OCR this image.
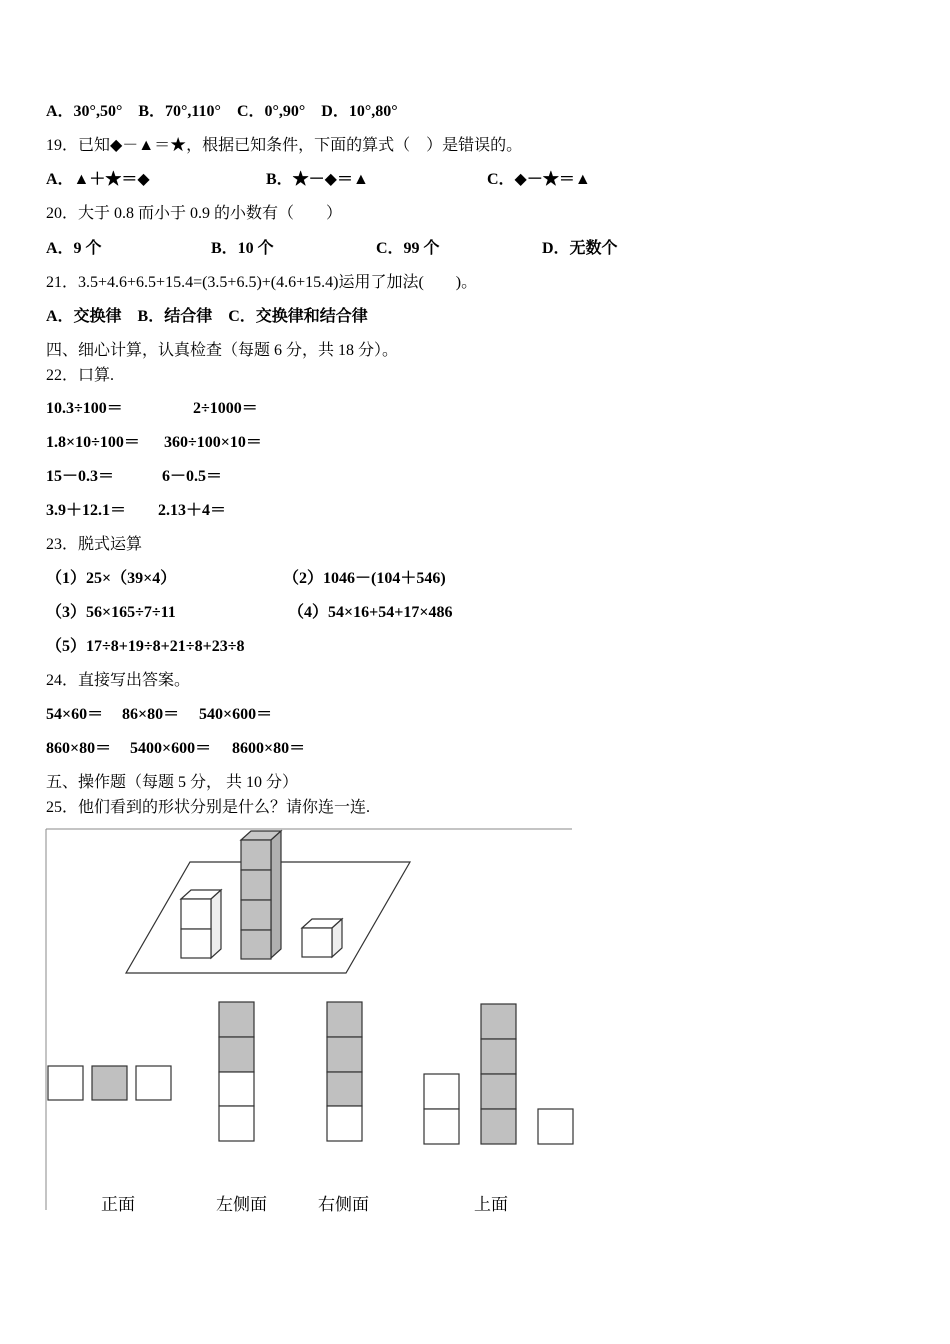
A．30°,50°　B．70°,110°　C．0°,90°　D．10°,80°
19．已知◆－▲＝★，根据已知条件，下面的算式（　）是错误的。
A．▲＋★＝◆	B．★－◆＝▲	C．◆－★＝▲
20．大于 0.8 而小于 0.9 的小数有（　　）
A．9 个	B．10 个	C．99 个	D．无数个
21．3.5+4.6+6.5+15.4=(3.5+6.5)+(4.6+15.4)运用了加法(　　)。
A．交换律　B．结合律　C．交换律和结合律
四、细心计算，认真检查（每题 6 分，共 18 分）。
22．口算.
10.3÷100＝	2÷1000＝
1.8×10÷100＝ 360÷100×10＝
15－0.3＝	6－0.5＝
3.9＋12.1＝ 2.13＋4＝
23．脱式运算
（1）25×（39×4）	（2）1046－(104＋546)
（3）56×165÷7÷11	（4）54×16+54+17×486
（5）17÷8+19÷8+21÷8+23÷8
24．直接写出答案。
54×60＝ 86×80＝ 540×600＝
860×80＝ 5400×600＝ 8600×80＝
五、操作题（每题 5 分， 共 10 分）
25．他们看到的形状分别是什么？请你连一连.
正面	左侧面	右侧面	上面
